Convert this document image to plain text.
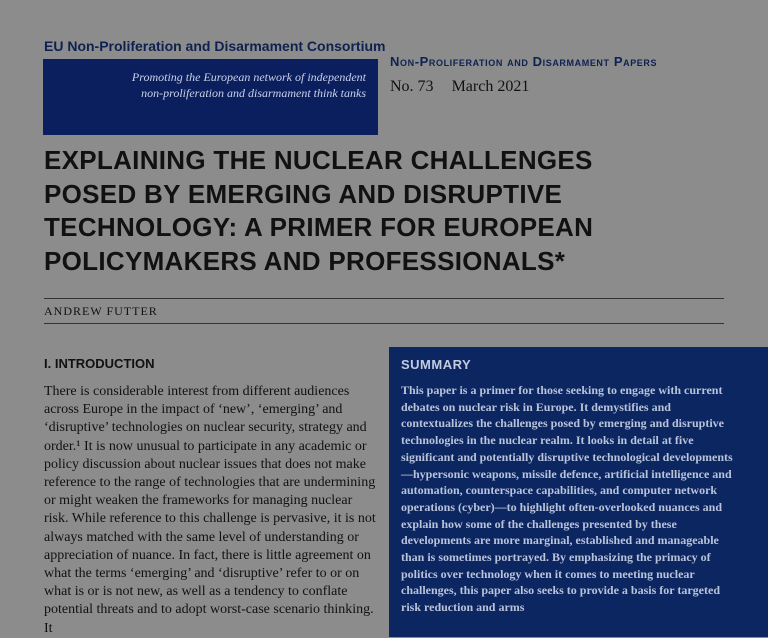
EU Non-Proliferation and Disarmament Consortium
Promoting the European network of independent
non-proliferation and disarmament think tanks
Non-Proliferation and Disarmament Papers
No. 73 March 2021
EXPLAINING THE NUCLEAR CHALLENGES
POSED BY EMERGING AND DISRUPTIVE
TECHNOLOGY: A PRIMER FOR EUROPEAN
POLICYMAKERS AND PROFESSIONALS*
ANDREW FUTTER
I. INTRODUCTION

There is considerable interest from different audiences across Europe in the impact of ‘new’, ‘emerging’ and ‘disruptive’ technologies on nuclear security, strategy and order.¹ It is now unusual to participate in any academic or policy discussion about nuclear issues that does not make reference to the range of technologies that are undermining or might weaken the frameworks for managing nuclear risk. While reference to this challenge is pervasive, it is not always matched with the same level of understanding or appreciation of nuance. In fact, there is little agreement on what the terms ‘emerging’ and ‘disruptive’ refer to or on what is or is not new, as well as a tendency to conflate potential threats and to adopt worst-case scenario thinking. It

SUMMARY

This paper is a primer for those seeking to engage with current debates on nuclear risk in Europe. It demystifies and contextualizes the challenges posed by emerging and disruptive technologies in the nuclear realm. It looks in detail at five significant and potentially disruptive technological developments—hypersonic weapons, missile defence, artificial intelligence and automation, counterspace capabilities, and computer network operations (cyber)—to highlight often-overlooked nuances and explain how some of the challenges presented by these developments are more marginal, established and manageable than is sometimes portrayed. By emphasizing the primacy of politics over technology when it comes to meeting nuclear challenges, this paper also seeks to provide a basis for targeted risk reduction and arms
